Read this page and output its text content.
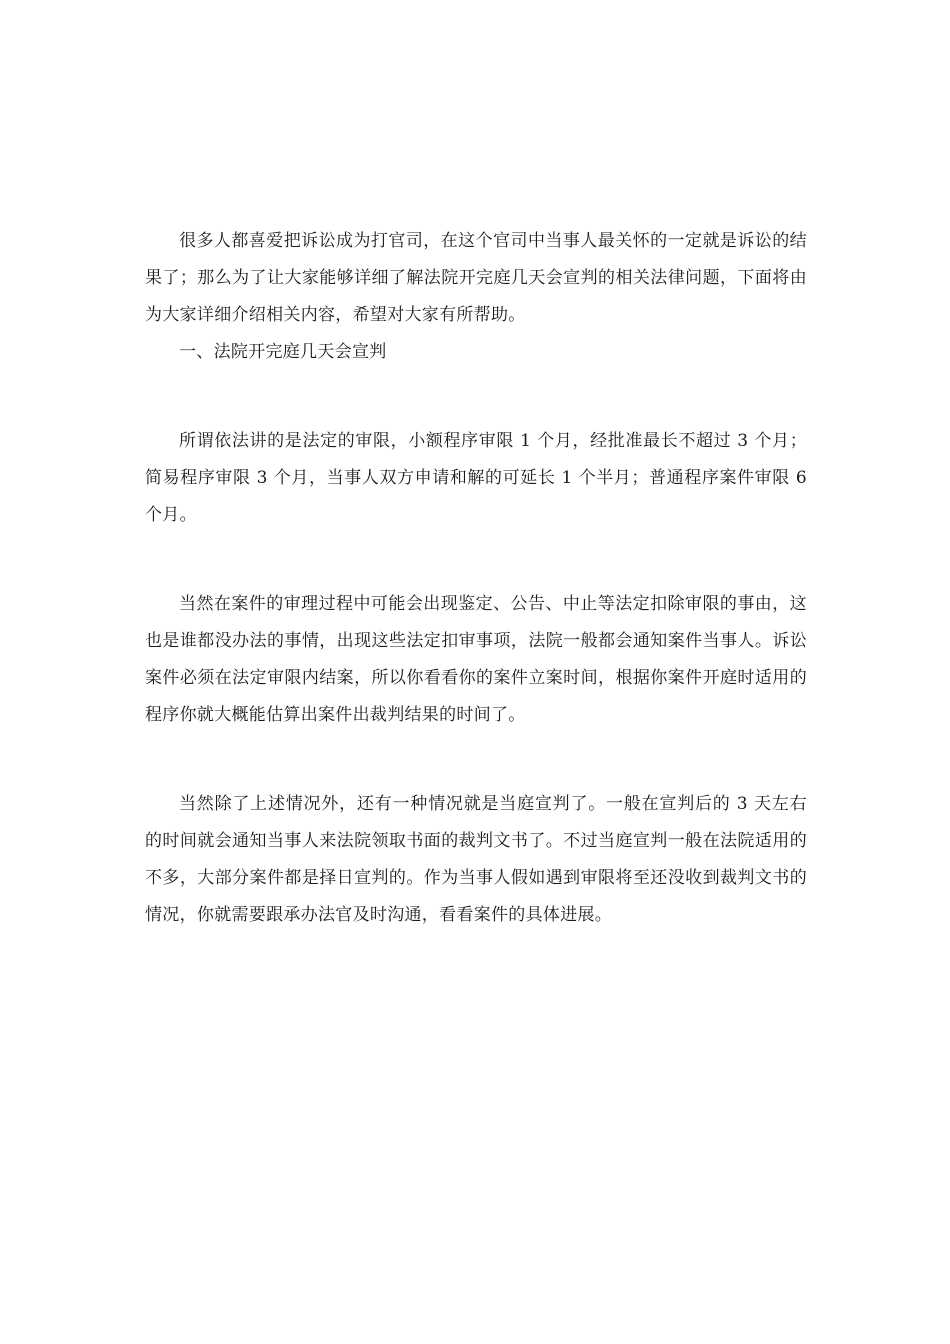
很多人都喜爱把诉讼成为打官司，在这个官司中当事人最关怀的一定就是诉讼的结果了；那么为了让大家能够详细了解法院开完庭几天会宣判的相关法律问题，下面将由为大家详细介绍相关内容，希望对大家有所帮助。

一、法院开完庭几天会宣判

所谓依法讲的是法定的审限，小额程序审限 1 个月，经批准最长不超过 3 个月；简易程序审限 3 个月，当事人双方申请和解的可延长 1 个半月；普通程序案件审限 6 个月。

当然在案件的审理过程中可能会出现鉴定、公告、中止等法定扣除审限的事由，这也是谁都没办法的事情，出现这些法定扣审事项，法院一般都会通知案件当事人。诉讼案件必须在法定审限内结案，所以你看看你的案件立案时间，根据你案件开庭时适用的程序你就大概能估算出案件出裁判结果的时间了。

当然除了上述情况外，还有一种情况就是当庭宣判了。一般在宣判后的 3 天左右的时间就会通知当事人来法院领取书面的裁判文书了。不过当庭宣判一般在法院适用的不多，大部分案件都是择日宣判的。作为当事人假如遇到审限将至还没收到裁判文书的情况，你就需要跟承办法官及时沟通，看看案件的具体进展。
